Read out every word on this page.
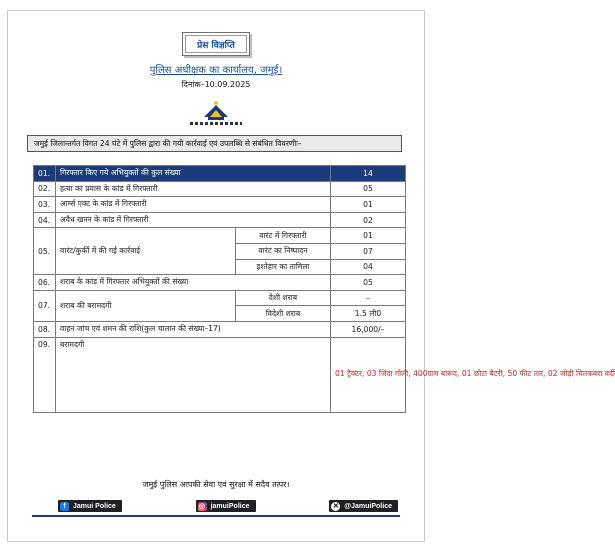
प्रेस विज्ञप्ति
पुलिस अधीक्षक का कार्यालय, जमुई।
दिनांक–10.09.2025
जमुई जिलान्तर्गत विगत 24 घंटे में पुलिस द्वारा की गयी कार्रवाई एवं उपलब्धि से संबंधित विवरणीः–
01.	गिरफ्तार किए गये अभियुक्तों की कुल संख्या		14
02.	हत्या का प्रयास के कांड में गिरफ्तारी		05
03.	आर्म्स एक्ट के कांड में गिरफ्तारी		01
04.	अवैध खनन के कांड में गिरफ्तारी		02
05.	वारंट/कुर्की में की गई कार्रवाई	वारंट में गिरफ्तारी	01
		वारंट का निष्पादन	07
		इश्तेहार का तामिला	04
06.	शराब के कांड में गिरफ्तार अभियुक्तों की संख्या		05
07.	शराब की बरामदगी	देशी शराब	–
		विदेशी शराब	1.5 ली0
08.	वाहन जांच एवं शमन की राशि(कुल चालान की संख्या–17)		16,000/–
09.	बरामदगी		01 ट्रैक्टर, 03 जिंदा गोली, 400ग्राम बारूद, 01 छोटा बैटरी, 50 फीट तार, 02 जोड़ी चितकबरा वर्दी
जमुई पुलिस आपकी सेवा एवं सुरक्षा में सदैव तत्पर।
f	Jamui Police	◎ jamuiPolice	✕ @JamuiPolice
